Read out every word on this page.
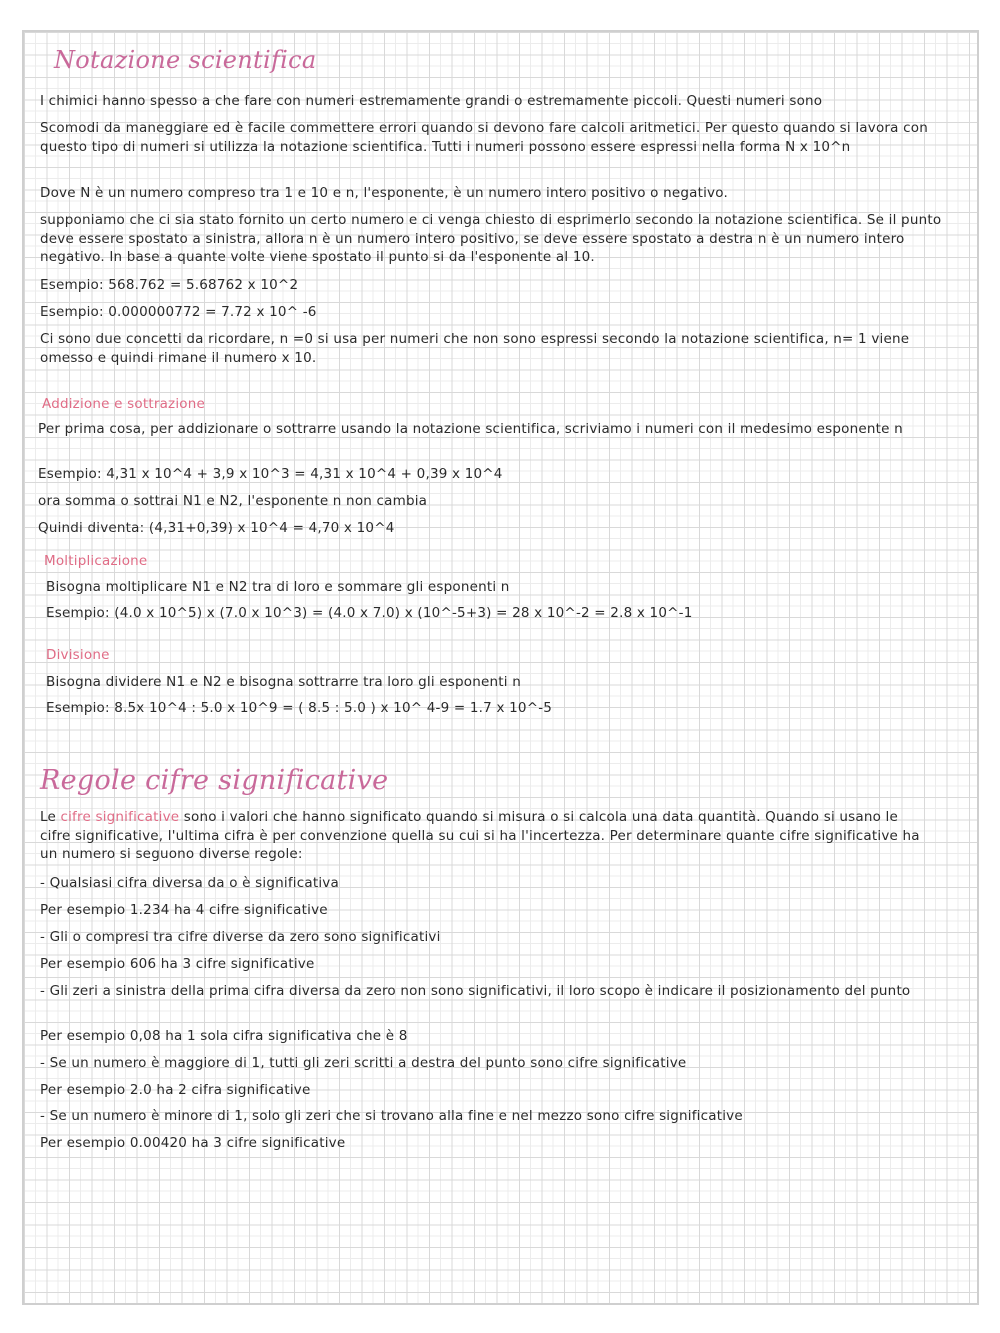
Notazione scientifica
I chimici hanno spesso a che fare con numeri estremamente grandi o estremamente piccoli. Questi numeri sono
Scomodi da maneggiare ed è facile commettere errori quando si devono fare calcoli aritmetici. Per questo quando si lavora con questo tipo di numeri si utilizza la notazione scientifica. Tutti i numeri possono essere espressi nella forma N x 10^n
Dove N è un numero compreso tra 1 e 10 e n, l'esponente, è un numero intero positivo o negativo.
supponiamo che ci sia stato fornito un certo numero e ci venga chiesto di esprimerlo secondo la notazione scientifica. Se il punto deve essere spostato a sinistra, allora n è un numero intero positivo, se deve essere spostato a destra n è un numero intero negativo. In base a quante volte viene spostato il punto si da l'esponente al 10.
Esempio: 568.762 = 5.68762 x 10^2
Esempio: 0.000000772 = 7.72 x 10^ -6
Ci sono due concetti da ricordare, n =0 si usa per numeri che non sono espressi secondo la notazione scientifica, n= 1 viene omesso e quindi rimane il numero x 10.
Addizione e sottrazione
Per prima cosa, per addizionare o sottrarre usando la notazione scientifica, scriviamo i numeri con il medesimo esponente n
Esempio: 4,31 x 10^4 + 3,9 x 10^3 = 4,31 x 10^4 + 0,39 x 10^4
ora somma o sottrai N1 e N2, l'esponente n non cambia
Quindi diventa: (4,31+0,39) x 10^4 = 4,70 x 10^4
Moltiplicazione
Bisogna moltiplicare N1 e N2 tra di loro e sommare gli esponenti n
Esempio: (4.0 x 10^5) x (7.0 x 10^3) = (4.0 x 7.0) x (10^-5+3) = 28 x 10^-2 = 2.8 x 10^-1
Divisione
Bisogna dividere N1 e N2 e bisogna sottrarre tra loro gli esponenti n
Esempio: 8.5x 10^4 : 5.0 x 10^9 = ( 8.5 : 5.0 ) x 10^ 4-9 = 1.7 x 10^-5
Regole cifre significative
Le cifre significative sono i valori che hanno significato quando si misura o si calcola una data quantità. Quando si usano le cifre significative, l'ultima cifra è per convenzione quella su cui si ha l'incertezza. Per determinare quante cifre significative ha un numero si seguono diverse regole:
- Qualsiasi cifra diversa da o è significativa
Per esempio 1.234 ha 4 cifre significative
- Gli o compresi tra cifre diverse da zero sono significativi
Per esempio 606 ha 3 cifre significative
- Gli zeri a sinistra della prima cifra diversa da zero non sono significativi, il loro scopo è indicare il posizionamento del punto
Per esempio 0,08 ha 1 sola cifra significativa che è 8
- Se un numero è maggiore di 1, tutti gli zeri scritti a destra del punto sono cifre significative
Per esempio 2.0 ha 2 cifra significative
- Se un numero è minore di 1, solo gli zeri che si trovano alla fine e nel mezzo sono cifre significative
Per esempio 0.00420 ha 3 cifre significative
